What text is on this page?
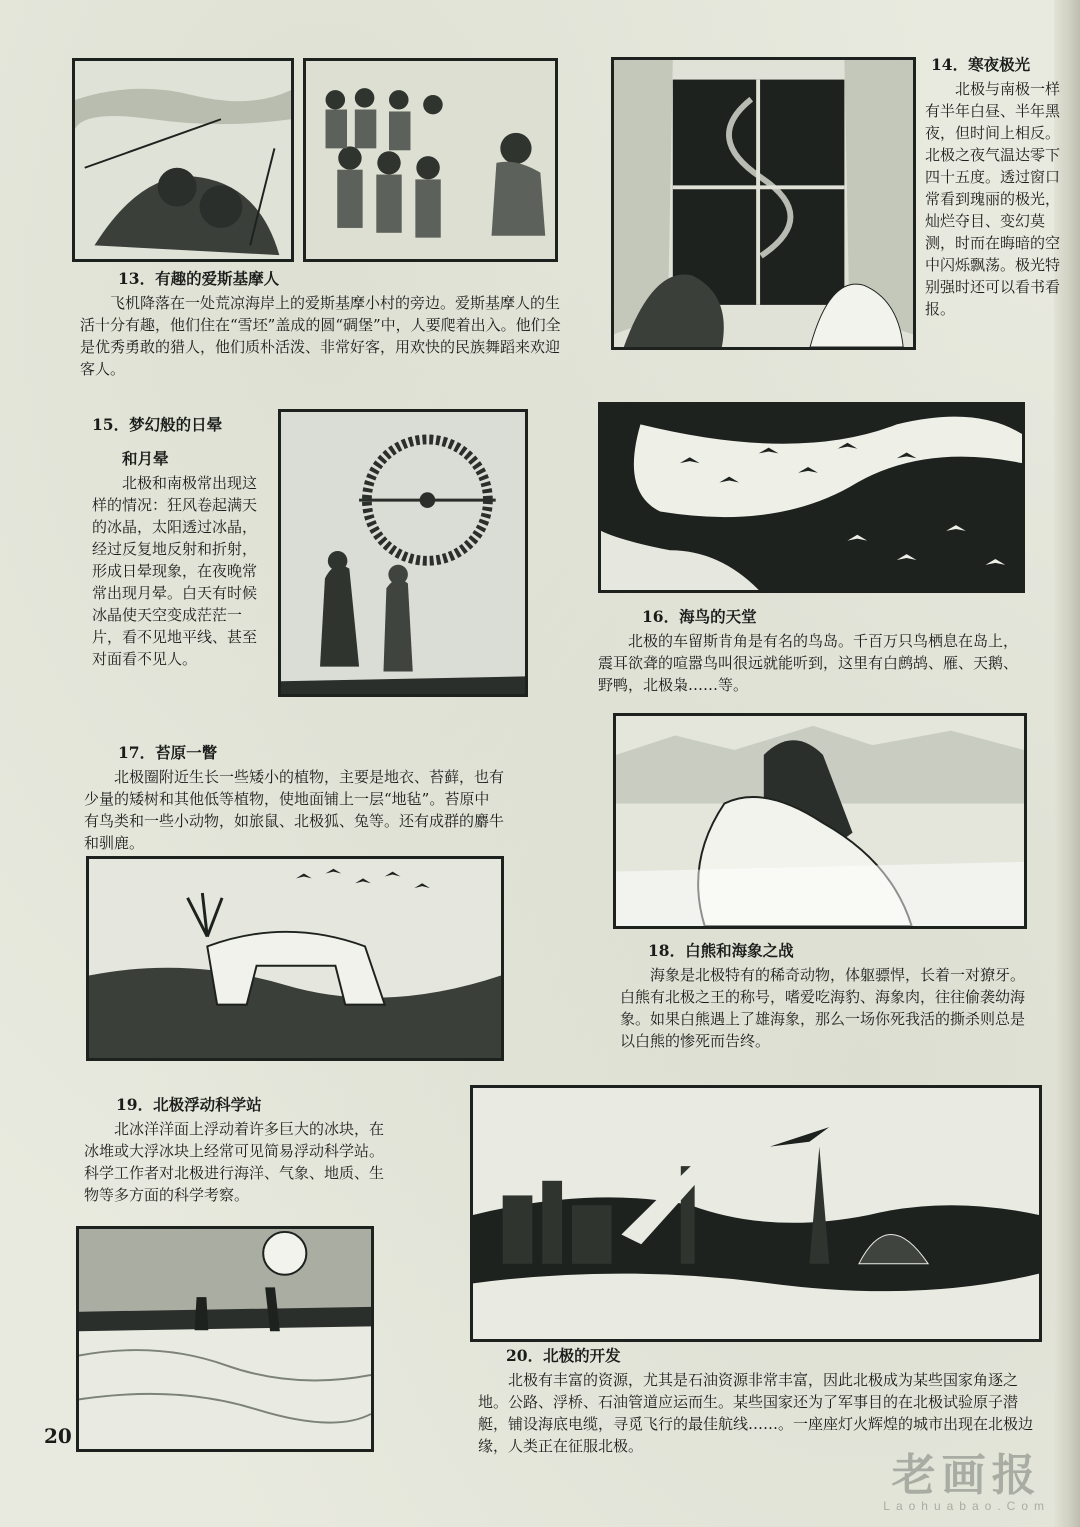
13．有趣的爱斯基摩人

飞机降落在一处荒凉海岸上的爱斯基摩小村的旁边。爱斯基摩人的生活十分有趣，他们住在“雪坯”盖成的圆“碉堡”中，人要爬着出入。他们全是优秀勇敢的猎人，他们质朴活泼、非常好客，用欢快的民族舞蹈来欢迎客人。

14．寒夜极光

北极与南极一样有半年白昼、半年黑夜，但时间上相反。北极之夜气温达零下四十五度。透过窗口常看到瑰丽的极光，灿烂夺目、变幻莫测，时而在晦暗的空中闪烁飘荡。极光特别强时还可以看书看报。

15．梦幻般的日晕
和月晕

北极和南极常出现这样的情况：狂风卷起满天的冰晶，太阳透过冰晶，经过反复地反射和折射，形成日晕现象，在夜晚常常出现月晕。白天有时候冰晶使天空变成茫茫一片，看不见地平线、甚至对面看不见人。

16．海鸟的天堂

北极的车留斯肯角是有名的鸟岛。千百万只鸟栖息在岛上，震耳欲聋的喧嚣鸟叫很远就能听到，这里有白鹧鸪、雁、天鹅、野鸭，北极枭……等。

17．苔原一瞥

北极圈附近生长一些矮小的植物，主要是地衣、苔藓，也有少量的矮树和其他低等植物，使地面铺上一层“地毡”。苔原中有鸟类和一些小动物，如旅鼠、北极狐、兔等。还有成群的麝牛和驯鹿。

18．白熊和海象之战

海象是北极特有的稀奇动物，体躯骠悍，长着一对獠牙。白熊有北极之王的称号，嗜爱吃海豹、海象肉，往往偷袭幼海象。如果白熊遇上了雄海象，那么一场你死我活的撕杀则总是以白熊的惨死而告终。

19．北极浮动科学站

北冰洋洋面上浮动着许多巨大的冰块，在冰堆或大浮冰块上经常可见简易浮动科学站。科学工作者对北极进行海洋、气象、地质、生物等多方面的科学考察。

20．北极的开发

北极有丰富的资源，尤其是石油资源非常丰富，因此北极成为某些国家角逐之地。公路、浮桥、石油管道应运而生。某些国家还为了军事目的在北极试验原子潜艇，铺设海底电缆，寻觅飞行的最佳航线……。一座座灯火辉煌的城市出现在北极边缘，人类正在征服北极。

20
老画报
Laohuabao.Com
